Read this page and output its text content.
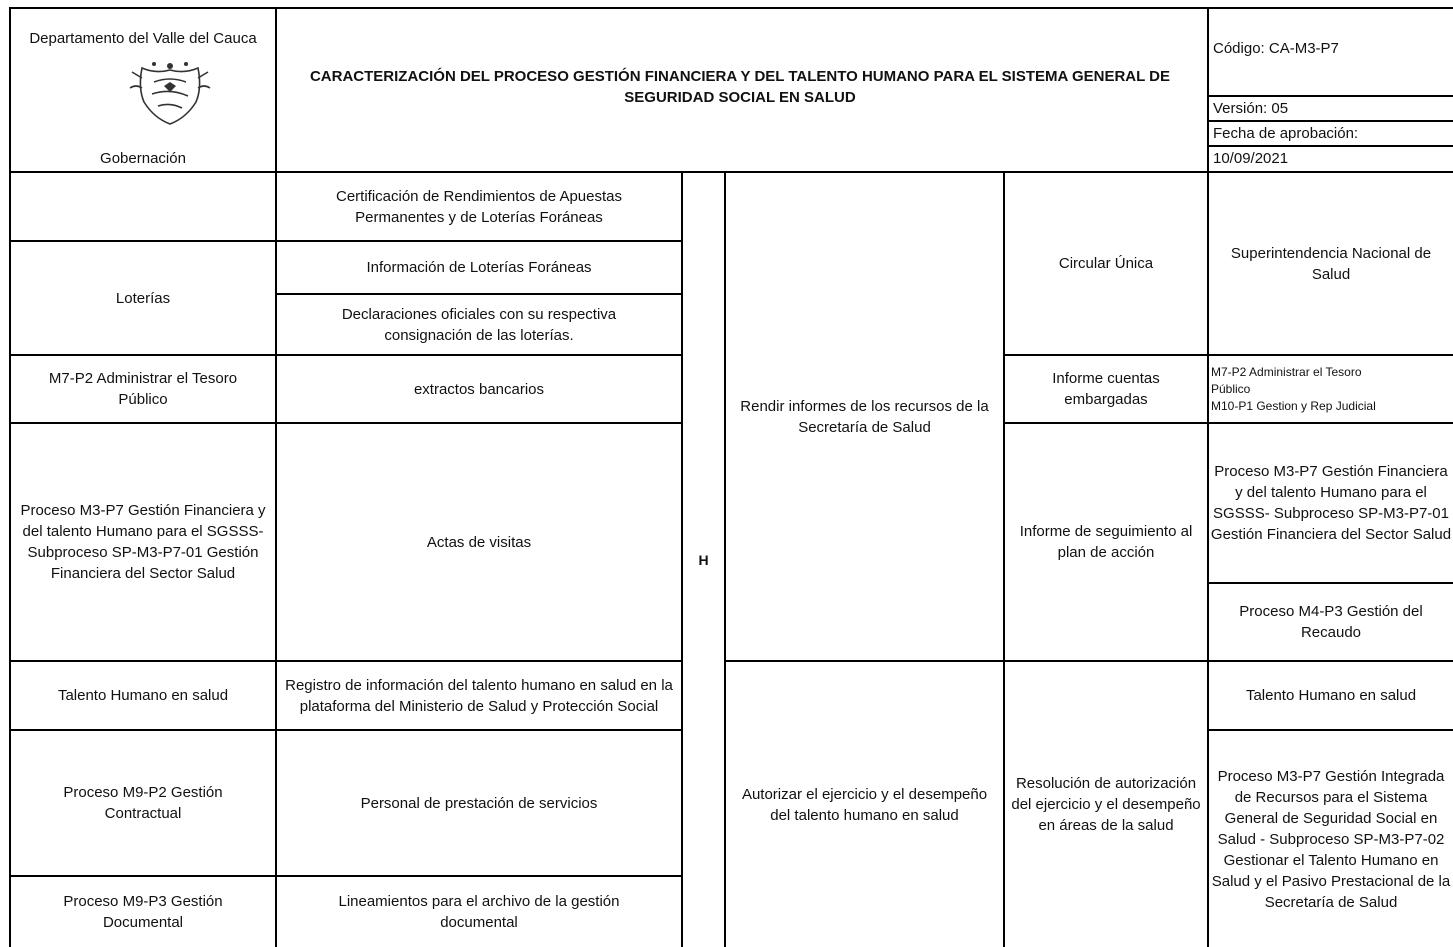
Departamento del Valle del Cauca
Gobernación
CARACTERIZACIÓN DEL PROCESO GESTIÓN FINANCIERA Y DEL TALENTO HUMANO PARA EL SISTEMA GENERAL DE SEGURIDAD SOCIAL EN SALUD
Código: CA-M3-P7
Versión: 05
Fecha de aprobación:
10/09/2021
Loterías
M7-P2 Administrar el Tesoro Público
Proceso M3-P7 Gestión Financiera y del talento Humano para el SGSSS- Subproceso SP-M3-P7-01 Gestión Financiera del Sector Salud
Talento Humano en salud
Proceso M9-P2 Gestión Contractual
Proceso M9-P3 Gestión Documental
Certificación de Rendimientos de Apuestas Permanentes y de Loterías Foráneas
Información de Loterías Foráneas
Declaraciones oficiales con su respectiva consignación de las loterías.
extractos bancarios
Actas de visitas
Registro de información del talento humano en salud en la plataforma del Ministerio de Salud y Protección Social
Personal de prestación de servicios
Lineamientos para el archivo de la gestión documental
H
Rendir informes de los recursos de la Secretaría de Salud
Autorizar el ejercicio y el desempeño del talento humano en salud
Circular Única
Informe cuentas embargadas
Informe de seguimiento al plan de acción
Resolución de autorización del ejercicio y el desempeño en áreas de la salud
Superintendencia Nacional de Salud
M7-P2 Administrar el Tesoro
Público
M10-P1 Gestion y Rep Judicial
Proceso M3-P7 Gestión Financiera y del talento Humano para el SGSSS- Subproceso SP-M3-P7-01 Gestión Financiera del Sector Salud
Proceso M4-P3 Gestión del Recaudo
Talento Humano en salud
Proceso M3-P7 Gestión Integrada de Recursos para el Sistema General de Seguridad Social en Salud - Subproceso SP-M3-P7-02 Gestionar el Talento Humano en Salud y el Pasivo Prestacional de la Secretaría de Salud
